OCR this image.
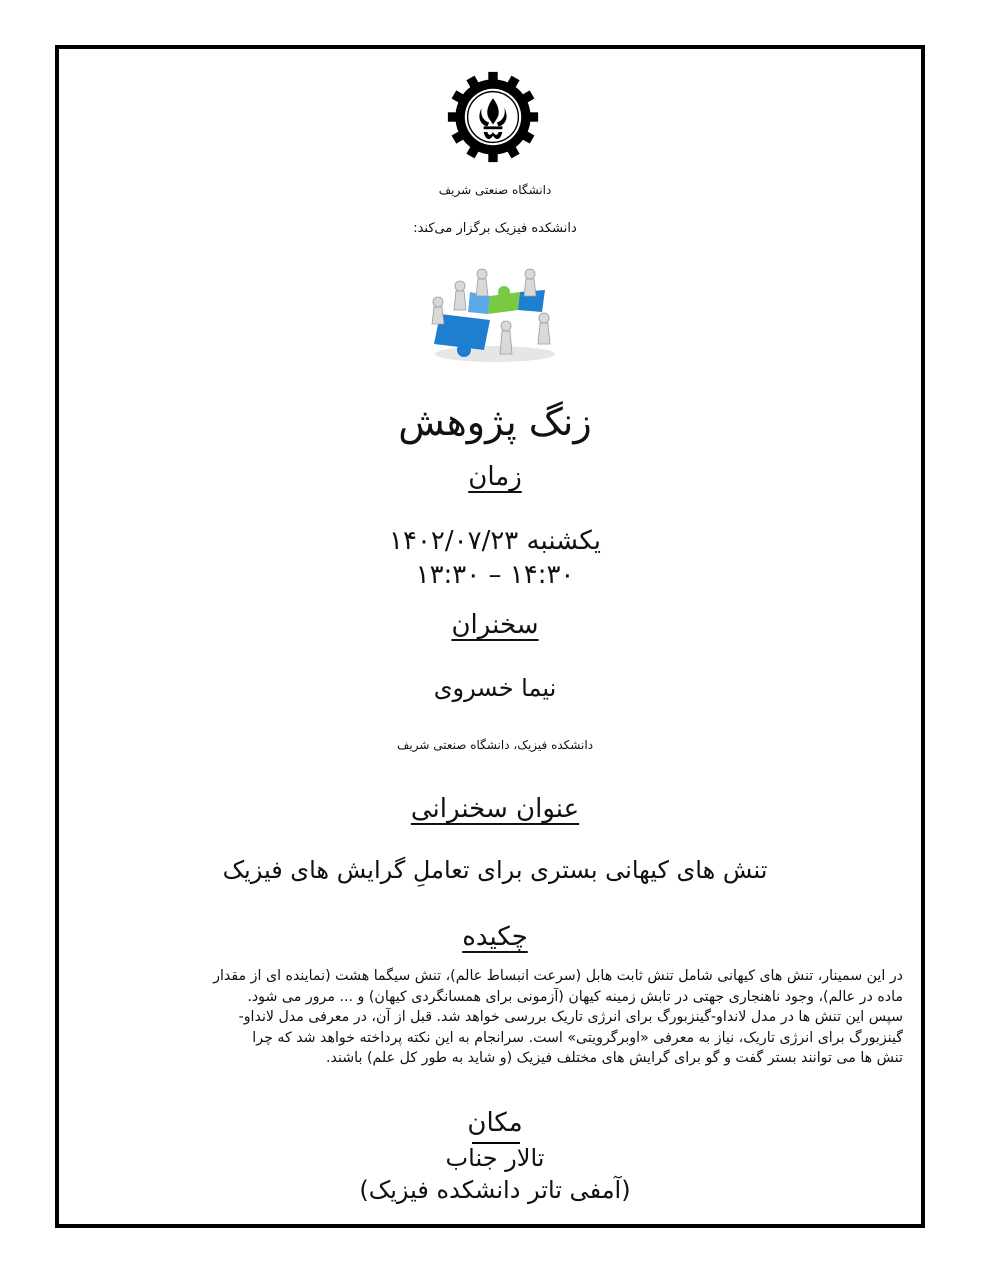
دانشگاه صنعتی شریف
دانشکده فیزیک برگزار می‌کند:
زنگ پژوهش
زمان
یکشنبه ۱۴۰۲/۰۷/۲۳
۱۳:۳۰ – ۱۴:۳۰
سخنران
نیما خسروی
دانشکده فیزیک، دانشگاه صنعتی شریف
عنوان سخنرانی
تنش های کیهانی بستری برای تعاملِ گرایش های فیزیک
چکیده
در این سمینار، تنش های کیهانی شامل تنش ثابت هابل (سرعت انبساط عالم)، تنش سیگما هشت (نماینده ای از مقدار
ماده در عالم)، وجود ناهنجاری جهتی در تابش زمینه کیهان (آزمونی برای همسانگردی کیهان) و ... مرور می شود.
سپس این تنش ها در مدل لانداو-گینزبورگ برای انرژی تاریک بررسی خواهد شد. قبل از آن، در معرفی مدل لانداو-
گینزبورگ برای انرژی تاریک، نیاز به معرفی «اوبرگرویتی» است. سرانجام به این نکته پرداخته خواهد شد که چرا
تنش ها می توانند بستر گفت و گو برای گرایش های مختلف فیزیک (و شاید به طور کل علم) باشند.
مکان
تالار جناب
(آمفی تاتر دانشکده فیزیک)
